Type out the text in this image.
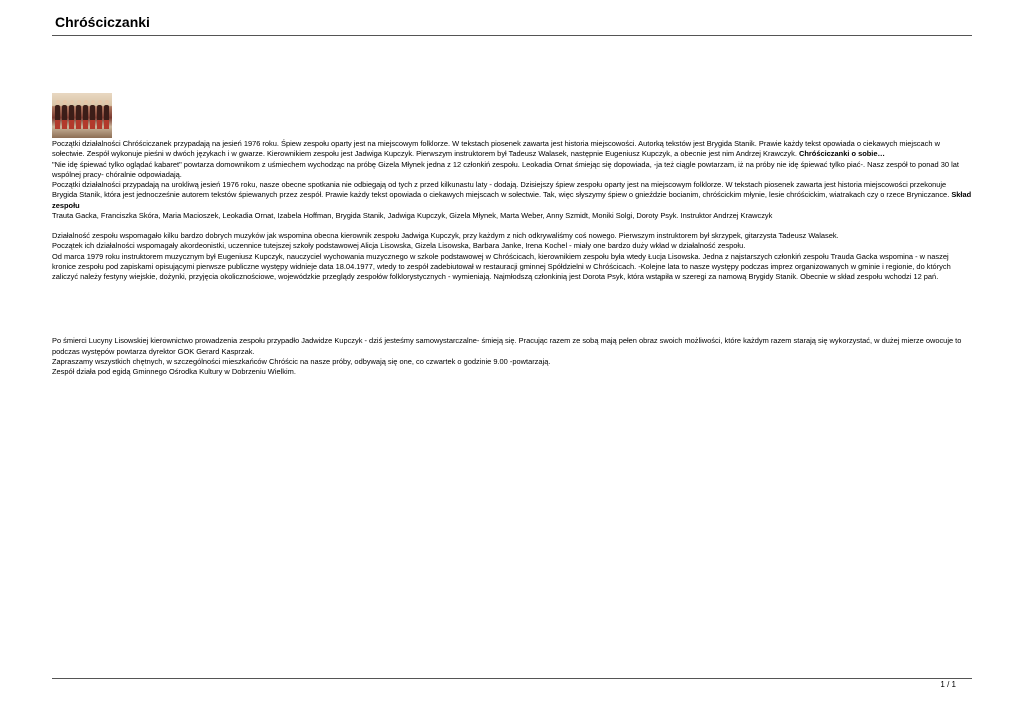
Chróściczanki

Początki działalności Chróściczanek przypadają na jesień 1976 roku. Śpiew zespołu oparty jest na miejscowym folklorze. W tekstach piosenek zawarta jest historia miejscowości. Autorką tekstów jest Brygida Stanik. Prawie każdy tekst opowiada o ciekawych miejscach w sołectwie. Zespół wykonuje pieśni w dwóch językach i w gwarze. Kierownikiem zespołu jest Jadwiga Kupczyk. Pierwszym instruktorem był Tadeusz Walasek, następnie Eugeniusz Kupczyk, a obecnie jest nim Andrzej Krawczyk. Chróściczanki o sobie…

"Nie idę śpiewać tylko oglądać kabaret" powtarza domownikom z uśmiechem wychodząc na próbę Gizela Młynek jedna z 12 członkiń zespołu. Leokadia Ornat śmiejąc się dopowiada, -ja też ciągle powtarzam, iż na próby nie idę śpiewać tylko piać-. Nasz zespół to ponad 30 lat wspólnej pracy- chóralnie odpowiadają.

Początki działalności przypadają na urokliwą jesień 1976 roku, nasze obecne spotkania nie odbiegają od tych z przed kilkunastu laty - dodają. Dzisiejszy śpiew zespołu oparty jest na miejscowym folklorze. W tekstach piosenek zawarta jest historia miejscowości przekonuje Brygida Stanik, która jest jednocześnie autorem tekstów śpiewanych przez zespół. Prawie każdy tekst opowiada o ciekawych miejscach w sołectwie. Tak, więc słyszymy śpiew o gnieździe bocianim, chróścickim młynie, lesie chróścickim, wiatrakach czy o rzece Bryniczance. Skład zespołu

Trauta Gacka, Franciszka Skóra, Maria Macioszek, Leokadia Ornat, Izabela Hoffman, Brygida Stanik, Jadwiga Kupczyk, Gizela Młynek, Marta Weber, Anny Szmidt, Moniki Solgi, Doroty Psyk. Instruktor Andrzej Krawczyk

Działalność zespołu wspomagało kilku bardzo dobrych muzyków jak wspomina obecna kierownik zespołu Jadwiga Kupczyk, przy każdym z nich odkrywaliśmy coś nowego. Pierwszym instruktorem był skrzypek, gitarzysta Tadeusz Walasek.

Początek ich działalności wspomagały akordeonistki, uczennice tutejszej szkoły podstawowej Alicja Lisowska, Gizela Lisowska, Barbara Janke, Irena Kochel - miały one bardzo duży wkład w działalność zespołu.

Od marca 1979 roku instruktorem muzycznym był Eugeniusz Kupczyk, nauczyciel wychowania muzycznego w szkole podstawowej w Chróścicach, kierownikiem zespołu była wtedy Łucja Lisowska. Jedna z najstarszych członkiń zespołu Trauda Gacka wspomina - w naszej kronice zespołu pod zapiskami opisującymi pierwsze publiczne występy widnieje data 18.04.1977, wtedy to zespół zadebiutował w restauracji gminnej Spółdzielni w Chróścicach. -Kolejne lata to nasze występy podczas imprez organizowanych w gminie i regionie, do których zaliczyć należy festyny wiejskie, dożynki, przyjęcia okolicznościowe, wojewódzkie przeglądy zespołów folklorystycznych - wymieniają. Najmłodszą członkinią jest Dorota Psyk, która wstąpiła w szeregi za namową Brygidy Stanik. Obecnie w skład zespołu wchodzi 12 pań.

Po śmierci Lucyny Lisowskiej kierownictwo prowadzenia zespołu przypadło Jadwidze Kupczyk - dziś jesteśmy samowystarczalne- śmieją się. Pracując razem ze sobą mają pełen obraz swoich możliwości, które każdym razem starają się wykorzystać, w dużej mierze owocuje to podczas występów powtarza dyrektor GOK Gerard Kasprzak.

Zapraszamy wszystkich chętnych, w szczególności mieszkańców Chróścic na nasze próby, odbywają się one, co czwartek o godzinie 9.00 -powtarzają.

Zespół działa pod egidą Gminnego Ośrodka Kultury w Dobrzeniu Wielkim.

1 / 1
